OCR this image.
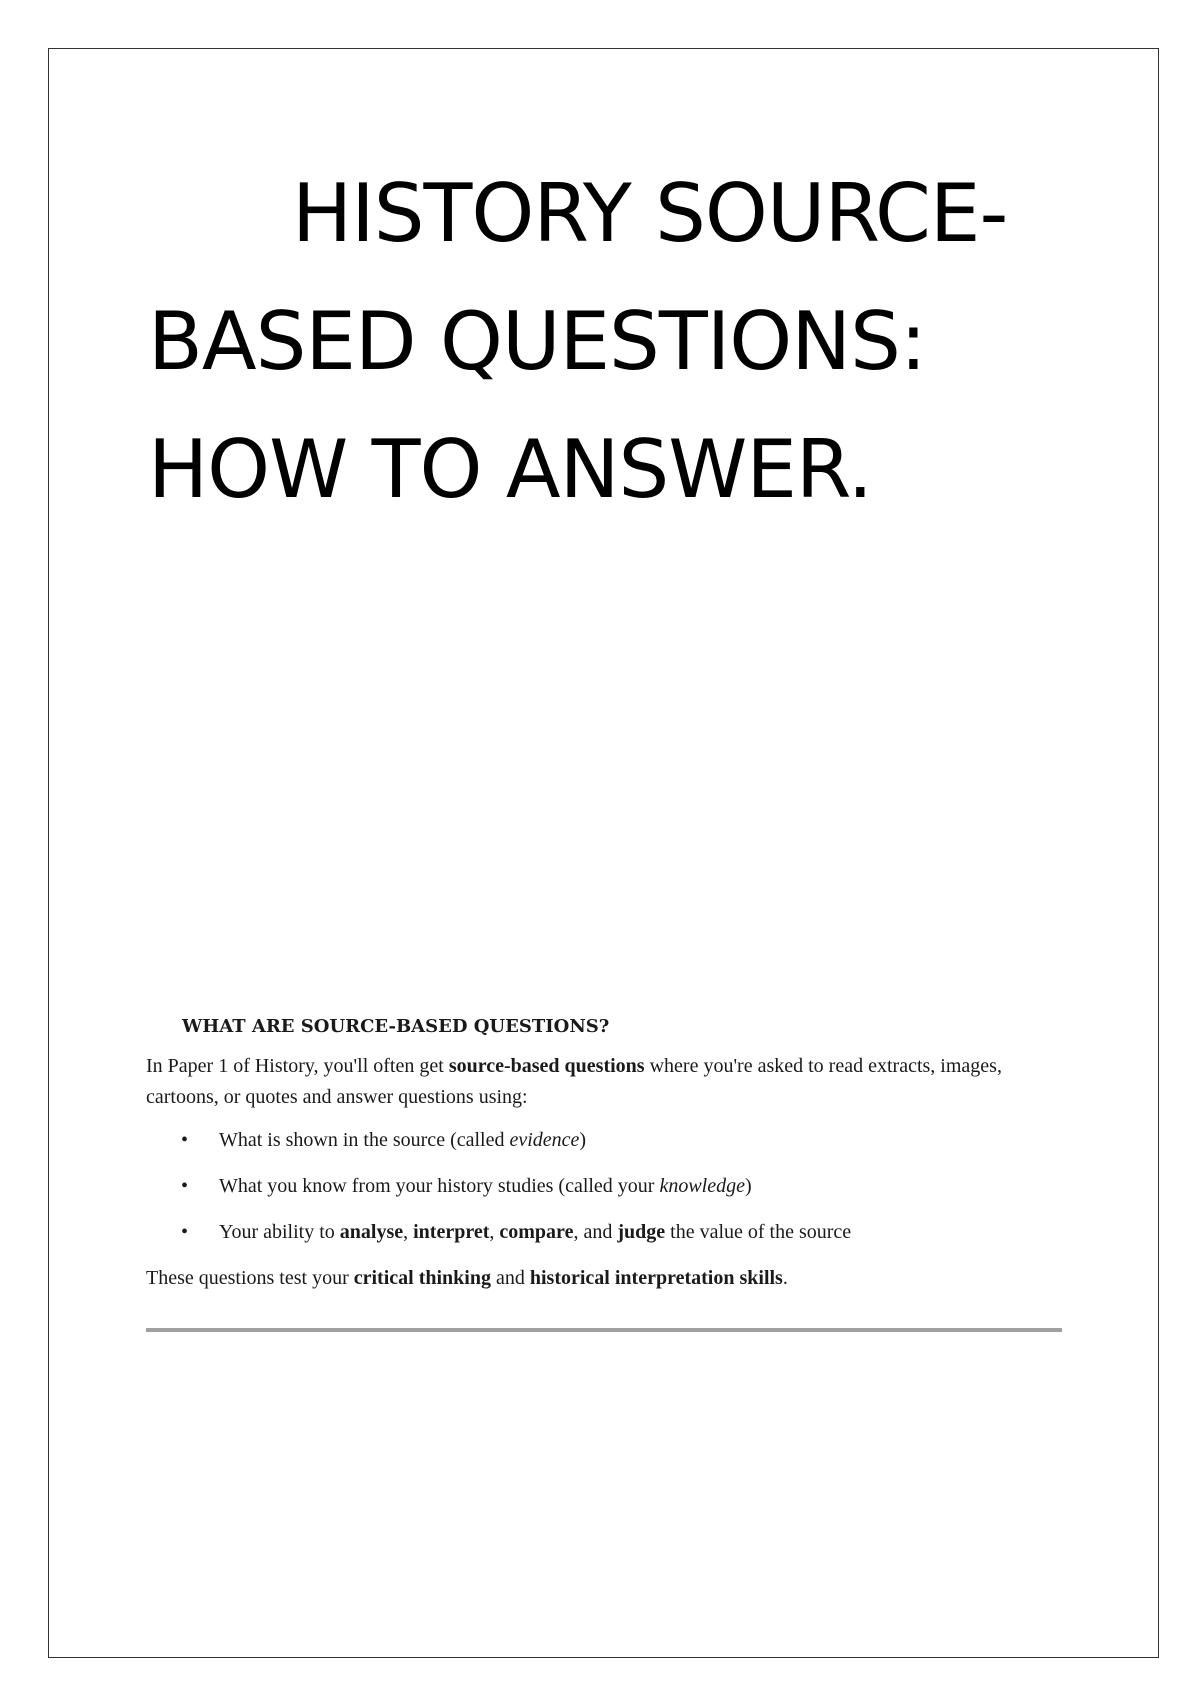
HISTORY SOURCE-
BASED QUESTIONS:
HOW TO ANSWER.
WHAT ARE SOURCE-BASED QUESTIONS?

In Paper 1 of History, you'll often get source-based questions where you're asked to read extracts, images, cartoons, or quotes and answer questions using:

• What is shown in the source (called evidence)
• What you know from your history studies (called your knowledge)
• Your ability to analyse, interpret, compare, and judge the value of the source

These questions test your critical thinking and historical interpretation skills.
